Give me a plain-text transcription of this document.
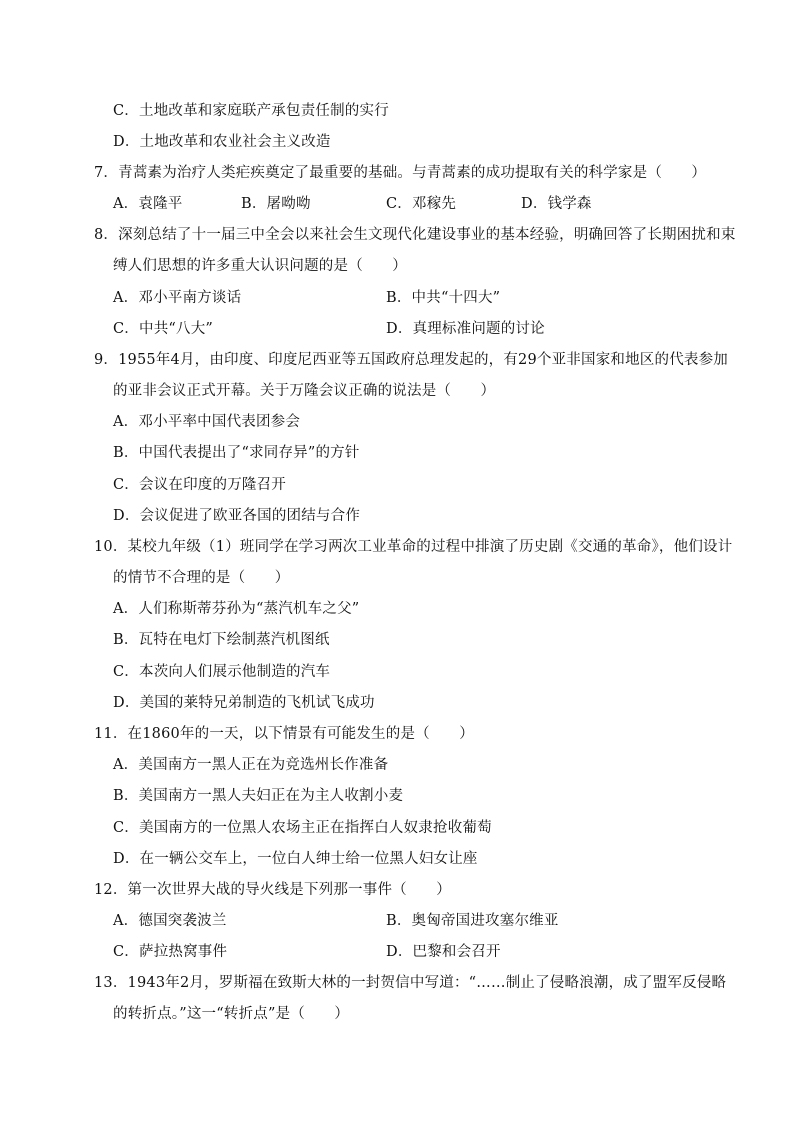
C．土地改革和家庭联产承包责任制的实行
D．土地改革和农业社会主义改造
7．青蒿素为治疗人类疟疾奠定了最重要的基础。与青蒿素的成功提取有关的科学家是（　　）
A．袁隆平	B．屠呦呦	C．邓稼先	D．钱学森
8．深刻总结了十一届三中全会以来社会生文现代化建设事业的基本经验，明确回答了长期困扰和束
缚人们思想的许多重大认识问题的是（　　）
A．邓小平南方谈话	B．中共“十四大”
C．中共“八大”	D．真理标准问题的讨论
9．1955年4月，由印度、印度尼西亚等五国政府总理发起的，有29个亚非国家和地区的代表参加
的亚非会议正式开幕。关于万隆会议正确的说法是（　　）
A．邓小平率中国代表团参会
B．中国代表提出了“求同存异”的方针
C．会议在印度的万隆召开
D．会议促进了欧亚各国的团结与合作
10．某校九年级（1）班同学在学习两次工业革命的过程中排演了历史剧《交通的革命》，他们设计
的情节不合理的是（　　）
A．人们称斯蒂芬孙为“蒸汽机车之父”
B．瓦特在电灯下绘制蒸汽机图纸
C．本茨向人们展示他制造的汽车
D．美国的莱特兄弟制造的飞机试飞成功
11．在1860年的一天，以下情景有可能发生的是（　　）
A．美国南方一黑人正在为竞选州长作准备
B．美国南方一黑人夫妇正在为主人收割小麦
C．美国南方的一位黑人农场主正在指挥白人奴隶抢收葡萄
D．在一辆公交车上，一位白人绅士给一位黑人妇女让座
12．第一次世界大战的导火线是下列那一事件（　　）
A．德国突袭波兰	B．奥匈帝国进攻塞尔维亚
C．萨拉热窝事件	D．巴黎和会召开
13．1943年2月，罗斯福在致斯大林的一封贺信中写道：“……制止了侵略浪潮，成了盟军反侵略
的转折点。”这一“转折点”是（　　）
